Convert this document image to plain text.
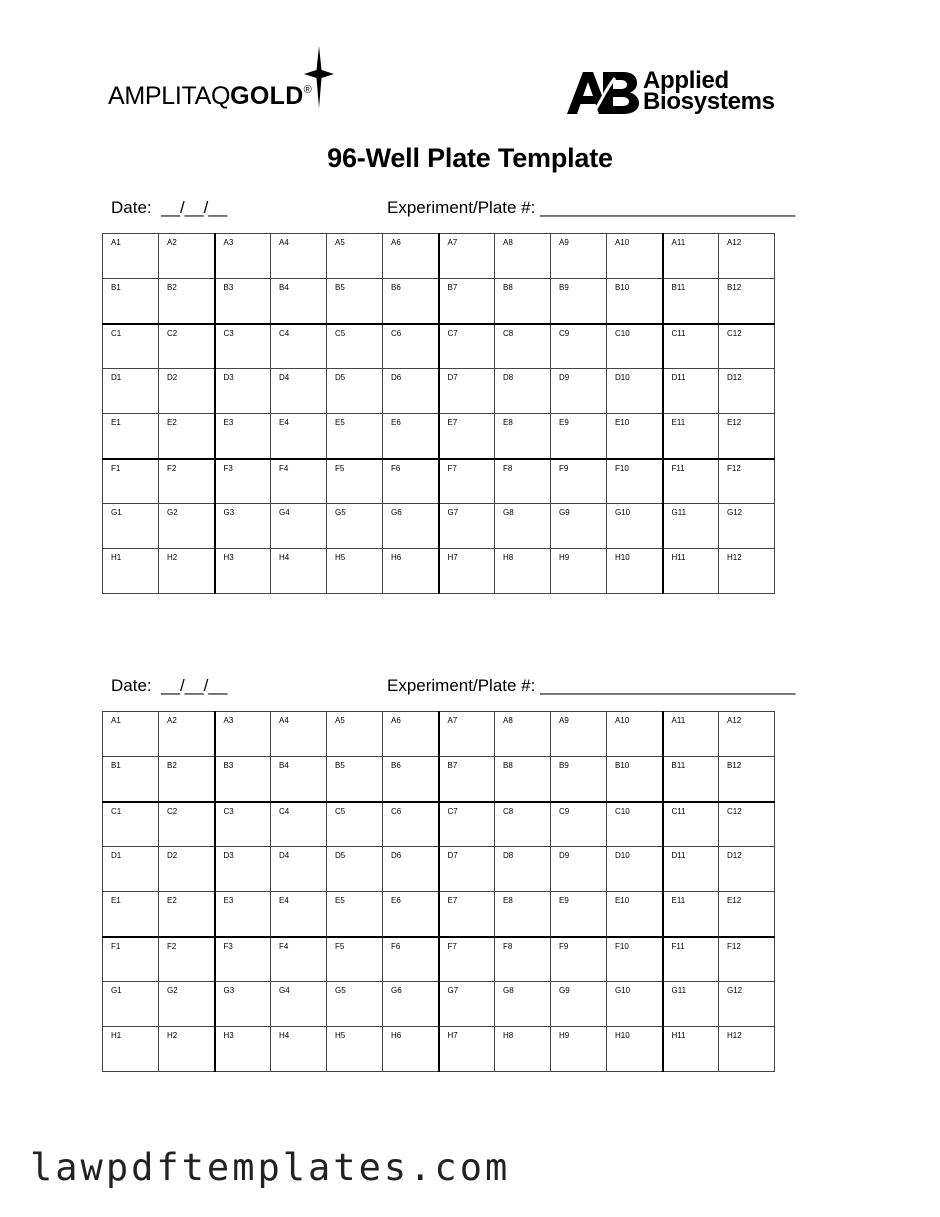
AMPLITAQGOLD®	Applied
Biosystems
96-Well Plate Template
Date: __/__/__	Experiment/Plate #: ___________________________
A1	A2	A3	A4	A5	A6	A7	A8	A9	A10	A11	A12
B1	B2	B3	B4	B5	B6	B7	B8	B9	B10	B11	B12
C1	C2	C3	C4	C5	C6	C7	C8	C9	C10	C11	C12
D1	D2	D3	D4	D5	D6	D7	D8	D9	D10	D11	D12
E1	E2	E3	E4	E5	E6	E7	E8	E9	E10	E11	E12
F1	F2	F3	F4	F5	F6	F7	F8	F9	F10	F11	F12
G1	G2	G3	G4	G5	G6	G7	G8	G9	G10	G11	G12
H1	H2	H3	H4	H5	H6	H7	H8	H9	H10	H11	H12
Date: __/__/__	Experiment/Plate #: ___________________________
A1	A2	A3	A4	A5	A6	A7	A8	A9	A10	A11	A12
B1	B2	B3	B4	B5	B6	B7	B8	B9	B10	B11	B12
C1	C2	C3	C4	C5	C6	C7	C8	C9	C10	C11	C12
D1	D2	D3	D4	D5	D6	D7	D8	D9	D10	D11	D12
E1	E2	E3	E4	E5	E6	E7	E8	E9	E10	E11	E12
F1	F2	F3	F4	F5	F6	F7	F8	F9	F10	F11	F12
G1	G2	G3	G4	G5	G6	G7	G8	G9	G10	G11	G12
H1	H2	H3	H4	H5	H6	H7	H8	H9	H10	H11	H12
lawpdftemplates.com
